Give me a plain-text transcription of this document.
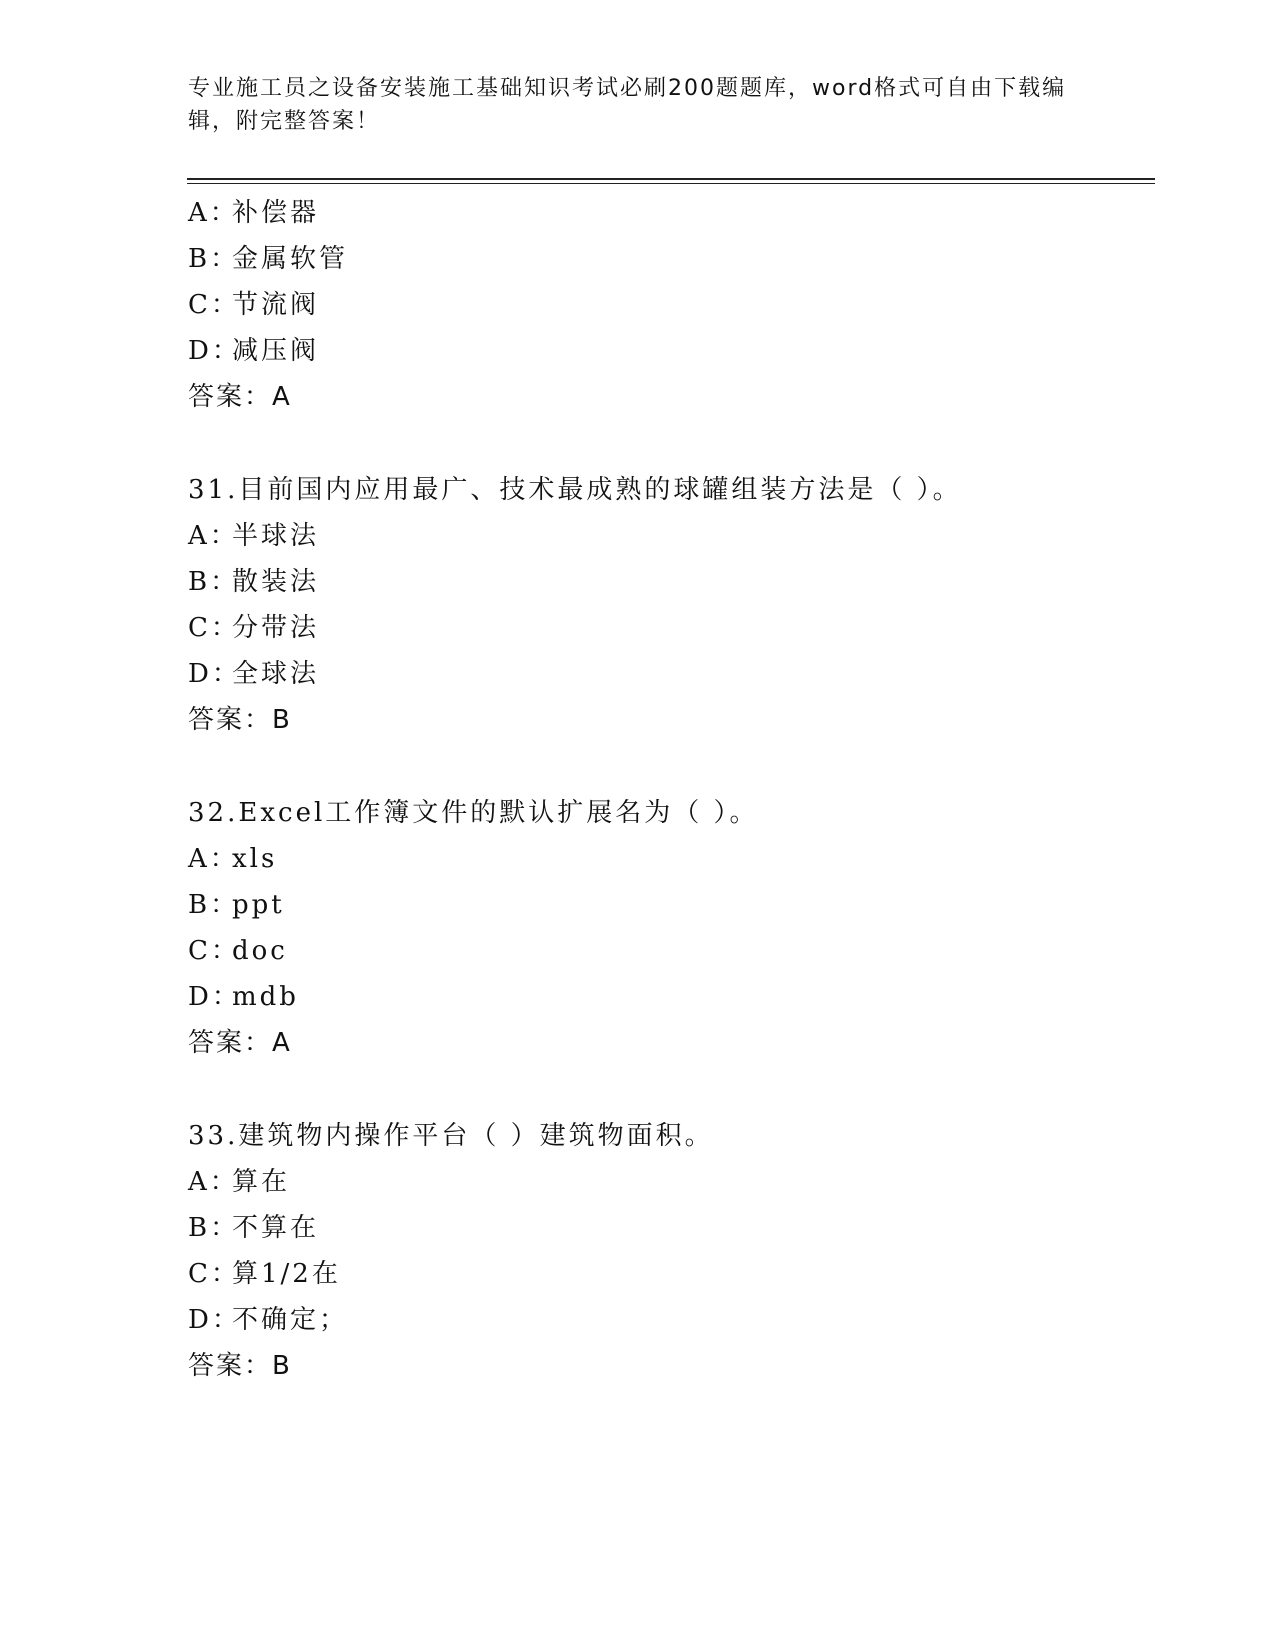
专业施工员之设备安装施工基础知识考试必刷200题题库，word格式可自由下载编辑，附完整答案！
A：补偿器
B：金属软管
C：节流阀
D：减压阀
答案：A
31.目前国内应用最广、技术最成熟的球罐组装方法是（ ）。
A：半球法
B：散装法
C：分带法
D：全球法
答案：B
32.Excel工作簿文件的默认扩展名为（ ）。
A：xls
B：ppt
C：doc
D：mdb
答案：A
33.建筑物内操作平台（ ）建筑物面积。
A：算在
B：不算在
C：算1/2在
D：不确定；
答案：B
